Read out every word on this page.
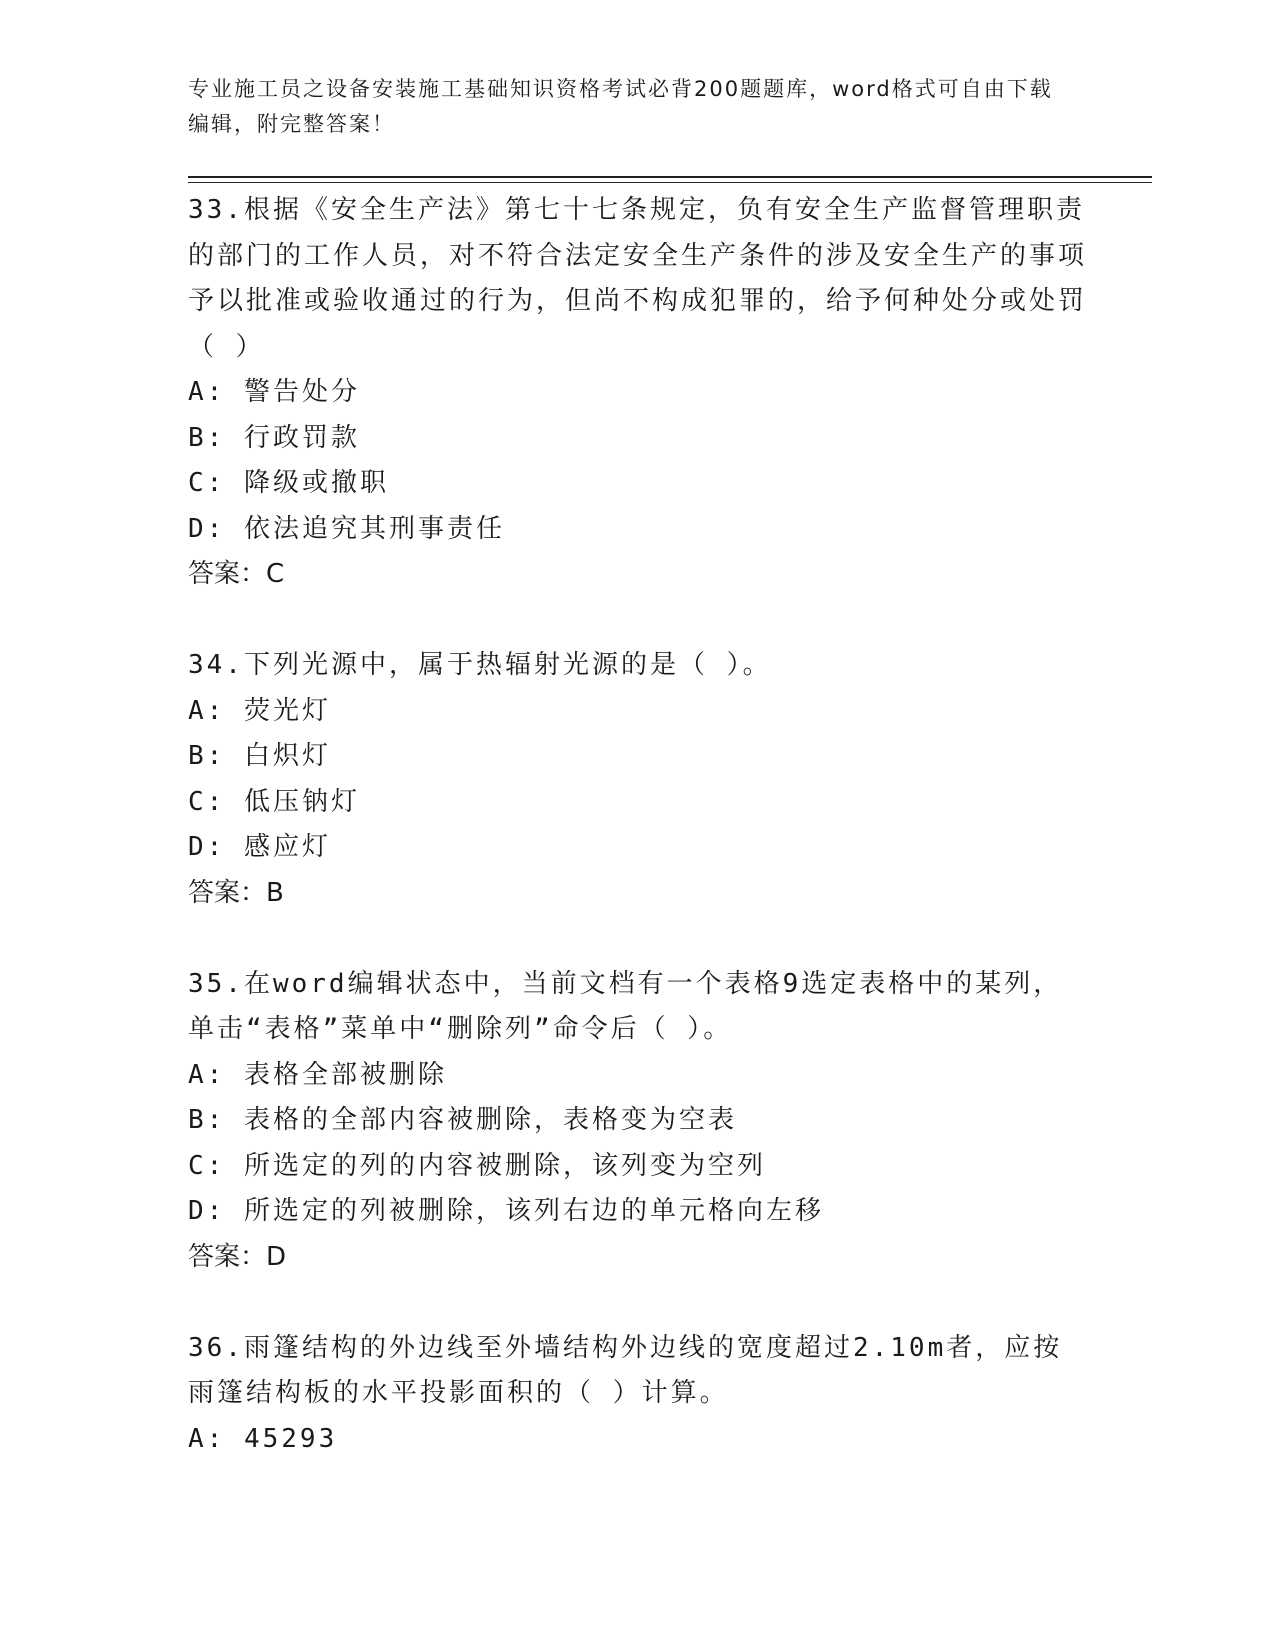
专业施工员之设备安装施工基础知识资格考试必背200题题库，word格式可自由下载编辑，附完整答案！

33.根据《安全生产法》第七十七条规定，负有安全生产监督管理职责的部门的工作人员，对不符合法定安全生产条件的涉及安全生产的事项予以批准或验收通过的行为，但尚不构成犯罪的，给予何种处分或处罚（ ）

A: 警告处分

B: 行政罚款

C: 降级或撤职

D: 依法追究其刑事责任

答案：C

34.下列光源中，属于热辐射光源的是（ ）。

A: 荧光灯

B: 白炽灯

C: 低压钠灯

D: 感应灯

答案：B

35.在word编辑状态中，当前文档有一个表格9选定表格中的某列，单击“表格”菜单中“删除列”命令后（ ）。

A: 表格全部被删除

B: 表格的全部内容被删除，表格变为空表

C: 所选定的列的内容被删除，该列变为空列

D: 所选定的列被删除，该列右边的单元格向左移

答案：D

36.雨篷结构的外边线至外墙结构外边线的宽度超过2.10m者，应按雨篷结构板的水平投影面积的（ ）计算。

A: 45293
